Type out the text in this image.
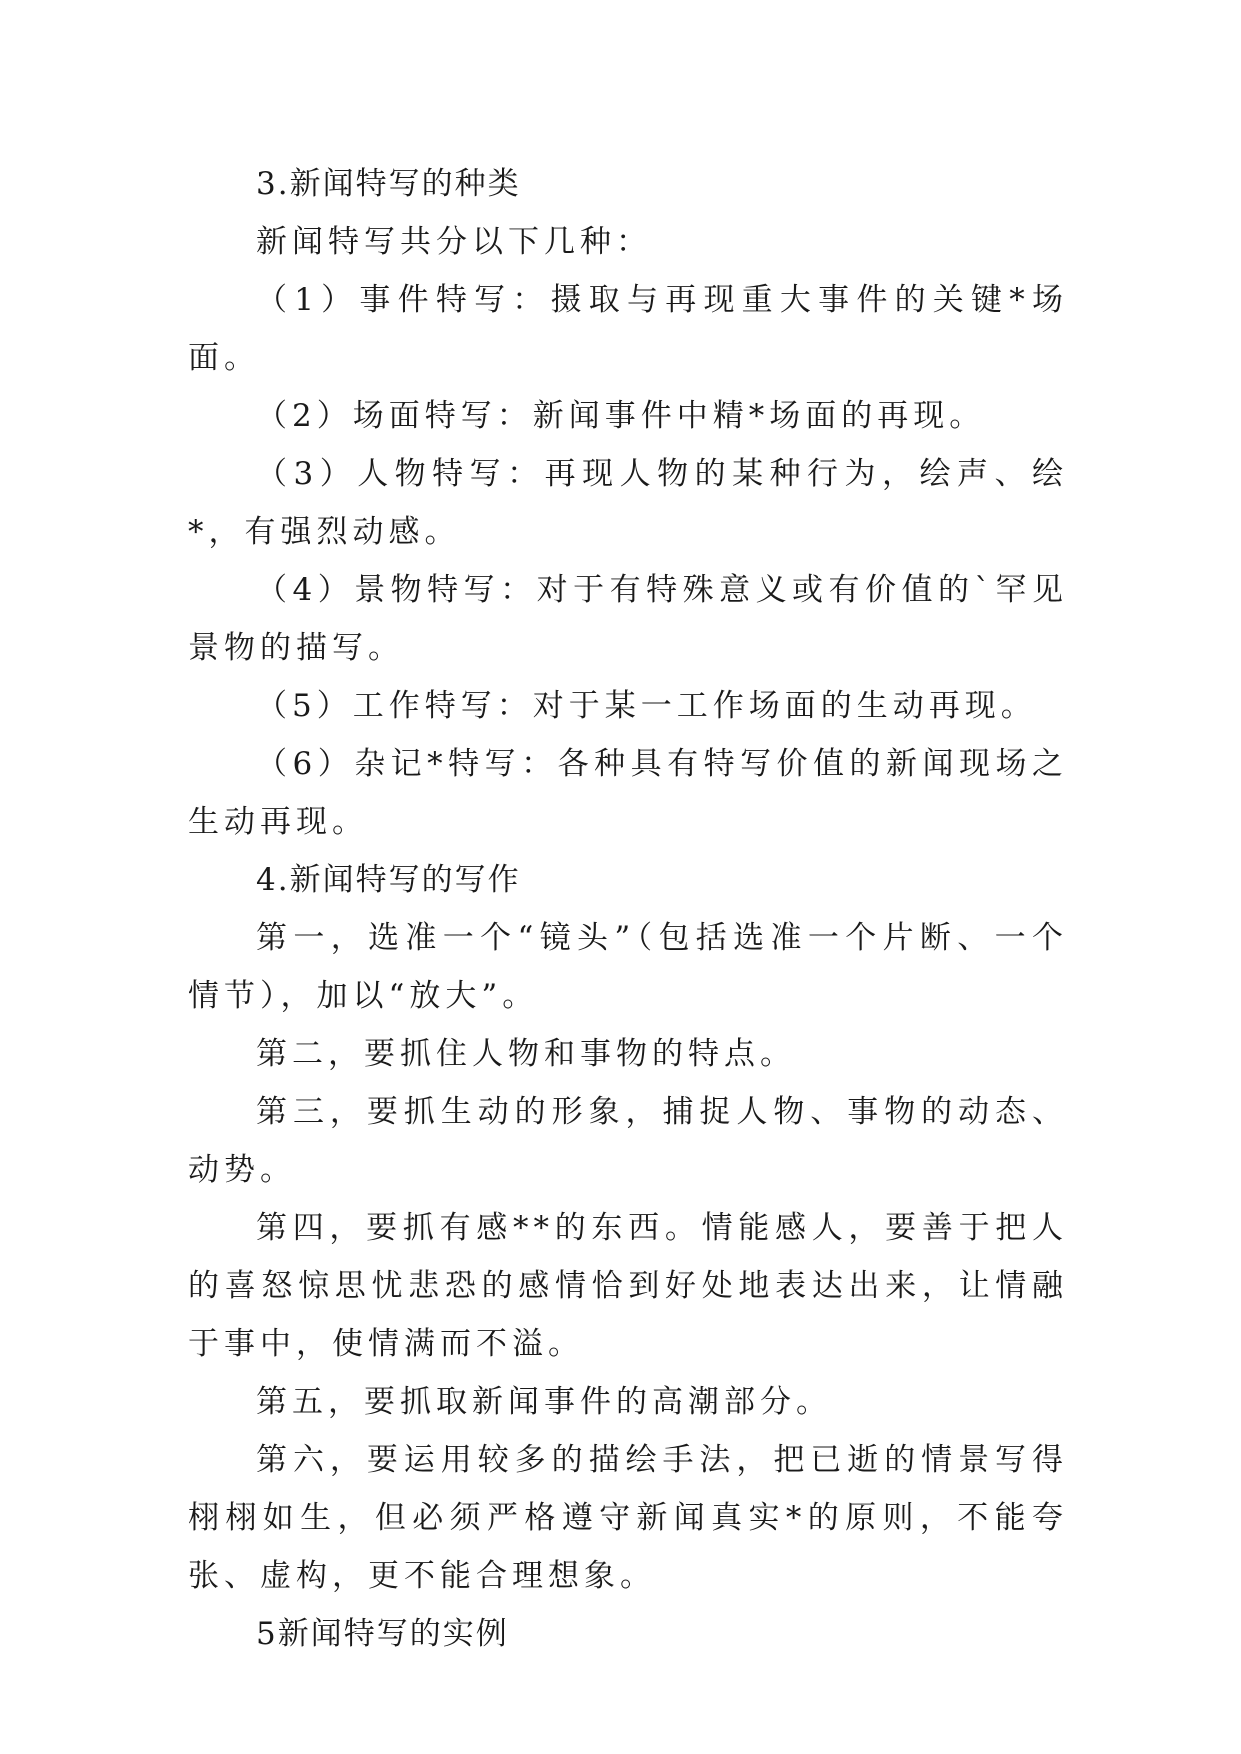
3.新闻特写的种类

新闻特写共分以下几种：

（1）事件特写：摄取与再现重大事件的关键*场面。

（2）场面特写：新闻事件中精*场面的再现。

（3）人物特写：再现人物的某种行为，绘声、绘*，有强烈动感。

（4）景物特写：对于有特殊意义或有价值的`罕见景物的描写。

（5）工作特写：对于某一工作场面的生动再现。

（6）杂记*特写：各种具有特写价值的新闻现场之生动再现。

4.新闻特写的写作

第一，选准一个“镜头”（包括选准一个片断、一个情节），加以“放大”。

第二，要抓住人物和事物的特点。

第三，要抓生动的形象，捕捉人物、事物的动态、动势。

第四，要抓有感**的东西。情能感人，要善于把人的喜怒惊思忧悲恐的感情恰到好处地表达出来，让情融于事中，使情满而不溢。

第五，要抓取新闻事件的高潮部分。

第六，要运用较多的描绘手法，把已逝的情景写得栩栩如生，但必须严格遵守新闻真实*的原则，不能夸张、虚构，更不能合理想象。

5新闻特写的实例
